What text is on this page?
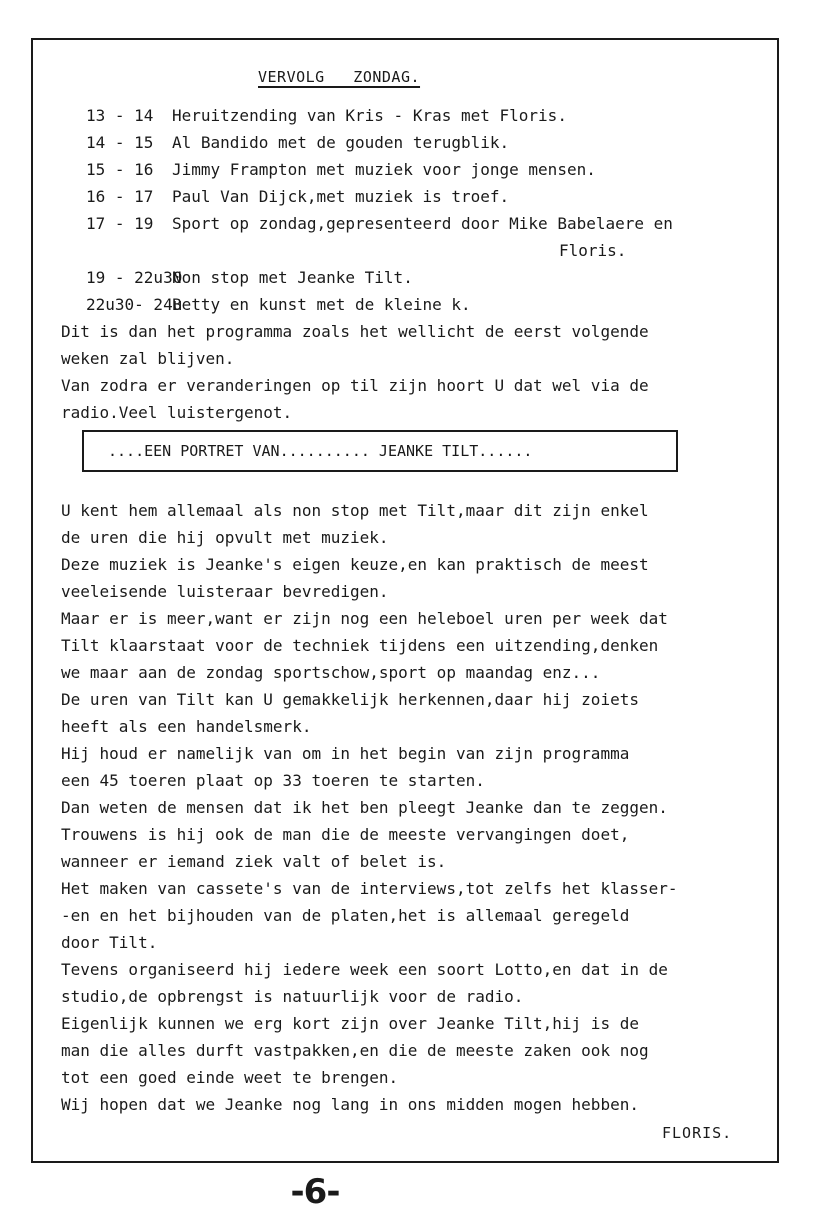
VERVOLG   ZONDAG.
13 - 14 Heruitzending van Kris - Kras met Floris.
14 - 15 Al Bandido met de gouden terugblik.
15 - 16 Jimmy Frampton met muziek voor jonge mensen.
16 - 17 Paul Van Dijck,met muziek is troef.
17 - 19 Sport op zondag,gepresenteerd door Mike Babelaere en
Floris.
19 - 22u30Non stop met Jeanke Tilt.
22u30- 24uBetty en kunst met de kleine k.

Dit is dan het programma zoals het wellicht de eerst volgende

weken zal blijven.

Van zodra er veranderingen op til zijn hoort U dat wel via de

radio.Veel luistergenot.

....EEN PORTRET VAN.......... JEANKE TILT......

U kent hem allemaal als non stop met Tilt,maar dit zijn enkel

de uren die hij opvult met muziek.

Deze muziek is Jeanke's eigen keuze,en kan praktisch de meest

veeleisende luisteraar bevredigen.

Maar er is meer,want er zijn nog een heleboel uren per week dat

Tilt klaarstaat voor de techniek tijdens een uitzending,denken

we maar aan de zondag sportschow,sport op maandag enz...

De uren van Tilt kan U gemakkelijk herkennen,daar hij zoiets

heeft als een handelsmerk.

Hij houd er namelijk van om in het begin van zijn programma

een 45 toeren plaat op 33 toeren te starten.

Dan weten de mensen dat ik het ben pleegt Jeanke dan te zeggen.

Trouwens is hij ook de man die de meeste vervangingen doet,

wanneer er iemand ziek valt of belet is.

Het maken van cassete's van de interviews,tot zelfs het klasser-

-en en het bijhouden van de platen,het is allemaal geregeld

door Tilt.

Tevens organiseerd hij iedere week een soort Lotto,en dat in de

studio,de opbrengst is natuurlijk voor de radio.

Eigenlijk kunnen we erg kort zijn over Jeanke Tilt,hij is de

man die alles durft vastpakken,en die de meeste zaken ook nog

tot een goed einde weet te brengen.

Wij hopen dat we Jeanke nog lang in ons midden mogen hebben.

FLORIS.
-6-
